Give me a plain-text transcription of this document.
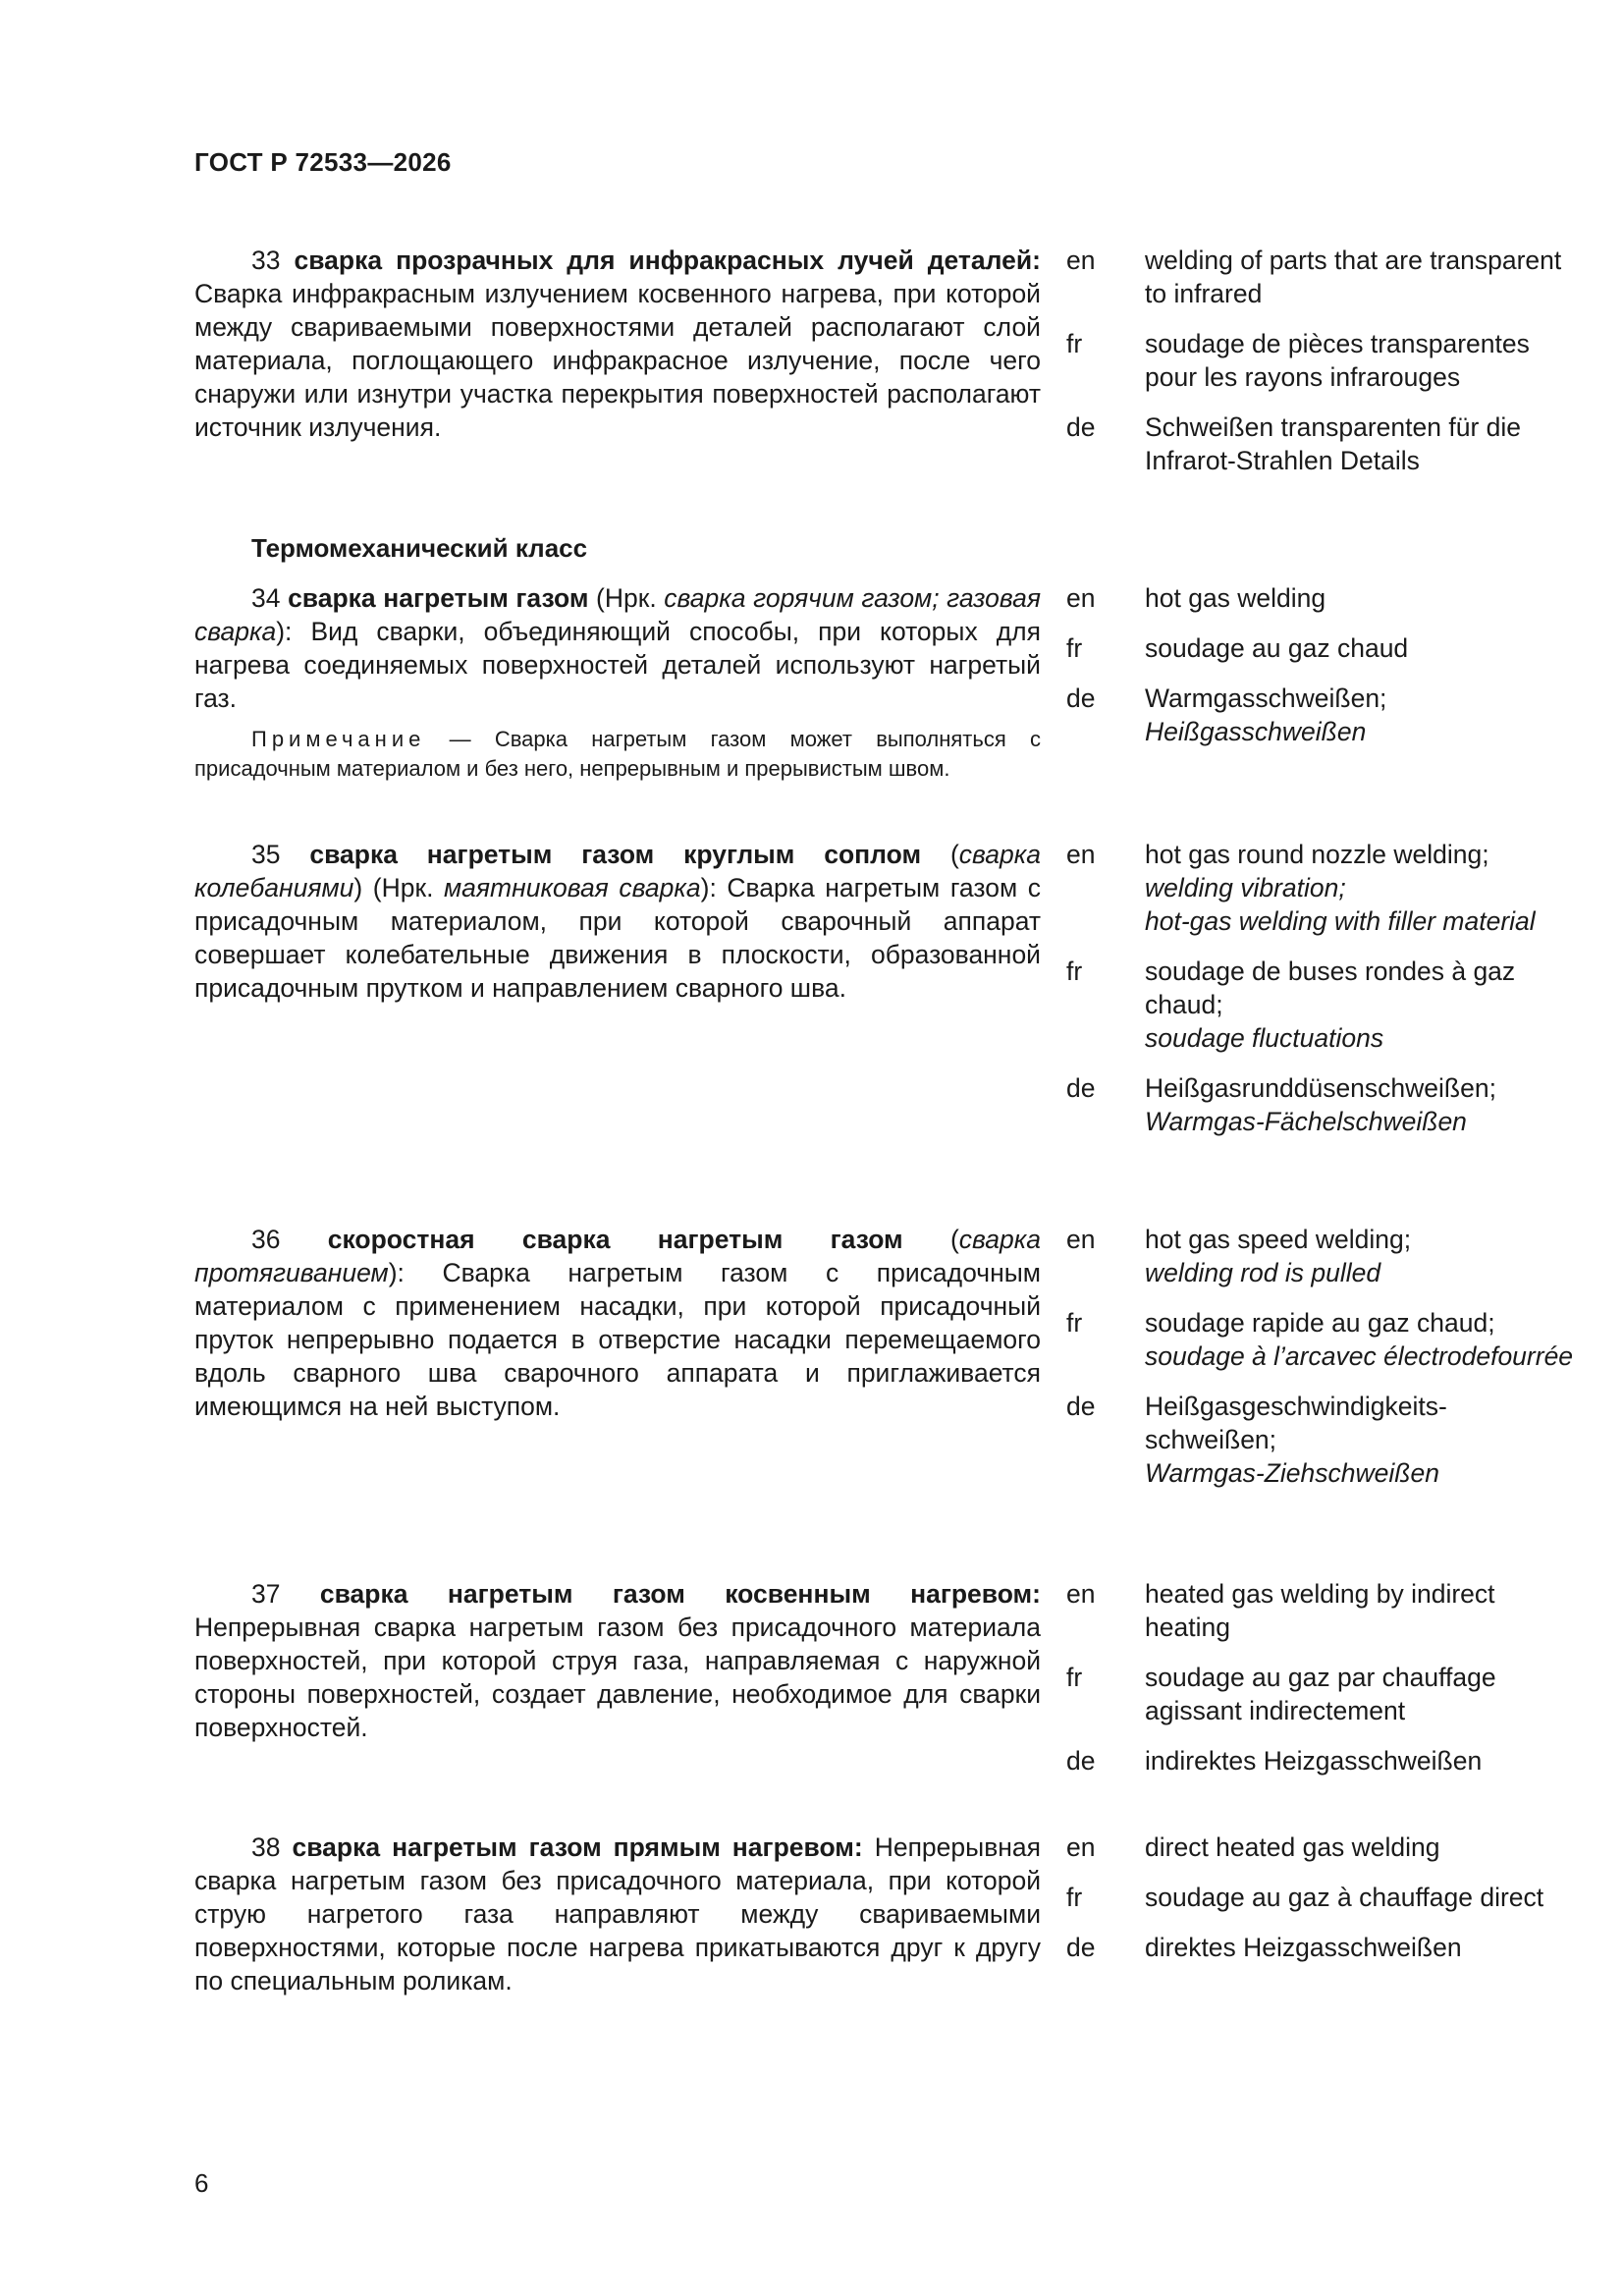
ГОСТ Р 72533—2026
33 сварка прозрачных для инфракрасных лучей деталей: Сварка инфракрасным излучением косвенного нагрева, при которой между свариваемыми поверхностями деталей располагают слой материала, поглощающего инфракрасное излучение, после чего снаружи или изнутри участка перекрытия поверхностей располагают источник излучения.
en welding of parts that are transparent to infrared
fr soudage de pièces transparentes pour les rayons infrarouges
de Schweißen transparenten für die Infrarot-Strahlen Details
Термомеханический класс
34 сварка нагретым газом (Нрк. сварка горячим газом; газовая сварка): Вид сварки, объединяющий способы, при которых для нагрева соединяемых поверхностей деталей используют нагретый газ.
Примечание — Сварка нагретым газом может выполняться с присадочным материалом и без него, непрерывным и прерывистым швом.
en hot gas welding
fr soudage au gaz chaud
de Warmgasschweißen;
Heißgasschweißen
35 сварка нагретым газом круглым соплом (сварка колебаниями) (Нрк. маятниковая сварка): Сварка нагретым газом с присадочным материалом, при которой сварочный аппарат совершает колебательные движения в плоскости, образованной присадочным прутком и направлением сварного шва.
en hot gas round nozzle welding;
welding vibration;
hot-gas welding with filler material
fr soudage de buses rondes à gaz chaud;
soudage fluctuations
de Heißgasrunddüsenschweißen;
Warmgas-Fächelschweißen
36 скоростная сварка нагретым газом (сварка протягиванием): Сварка нагретым газом с присадочным материалом с применением насадки, при которой присадочный пруток непрерывно подается в отверстие насадки перемещаемого вдоль сварного шва сварочного аппарата и приглаживается имеющимся на ней выступом.
en hot gas speed welding;
welding rod is pulled
fr soudage rapide au gaz chaud;
soudage à l’arcavec électrodefourrée
de Heißgasgeschwindigkeits-schweißen;
Warmgas-Ziehschweißen
37 сварка нагретым газом косвенным нагревом: Непрерывная сварка нагретым газом без присадочного материала поверхностей, при которой струя газа, направляемая с наружной стороны поверхностей, создает давление, необходимое для сварки поверхностей.
en heated gas welding by indirect heating
fr soudage au gaz par chauffage agissant indirectement
de indirektes Heizgasschweißen
38 сварка нагретым газом прямым нагревом: Непрерывная сварка нагретым газом без присадочного материала, при которой струю нагретого газа направляют между свариваемыми поверхностями, которые после нагрева прикатываются друг к другу по специальным роликам.
en direct heated gas welding
fr soudage au gaz à chauffage direct
de direktes Heizgasschweißen
6
